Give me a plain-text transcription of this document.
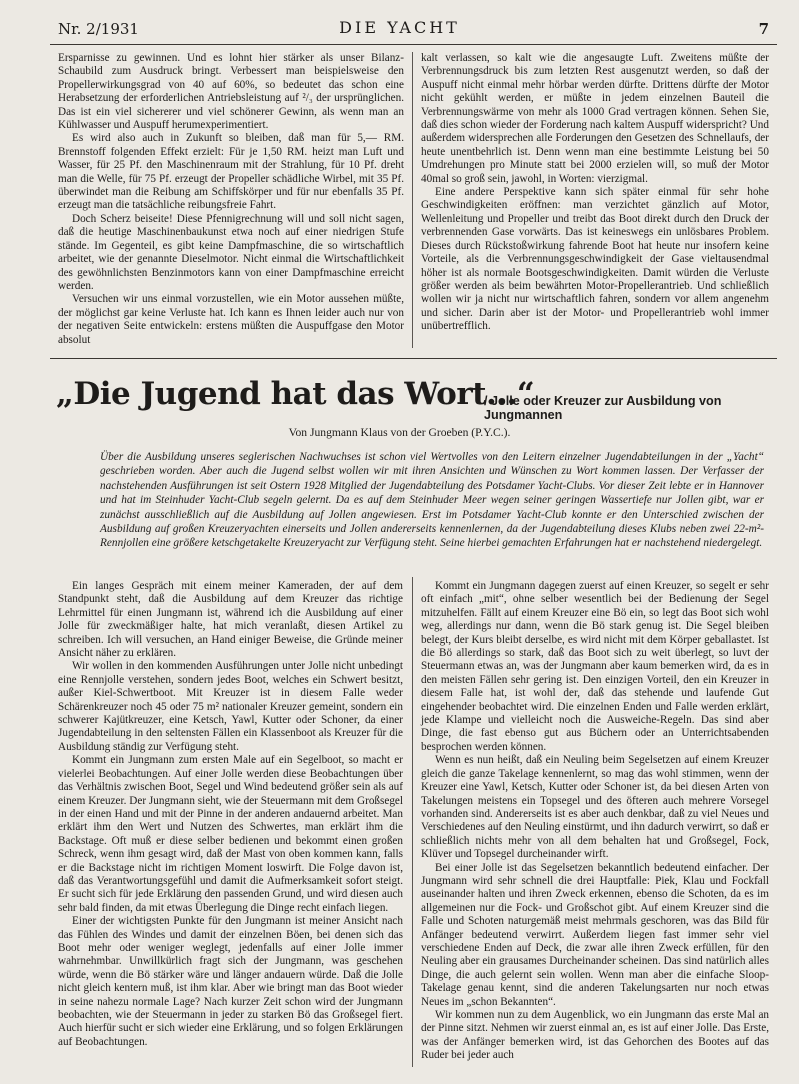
Nr. 2/1931	DIE YACHT	7

Ersparnisse zu gewinnen. Und es lohnt hier stärker als unser Bilanz-Schaubild zum Ausdruck bringt. Verbessert man beispielsweise den Propellerwirkungsgrad von 40 auf 60%, so bedeutet das schon eine Herabsetzung der erforderlichen Antriebsleistung auf ²/₃ der ursprünglichen. Das ist ein viel sichererer und viel schönerer Gewinn, als wenn man an Kühlwasser und Auspuff herumexperimentiert.

Es wird also auch in Zukunft so bleiben, daß man für 5,— RM. Brennstoff folgenden Effekt erzielt: Für je 1,50 RM. heizt man Luft und Wasser, für 25 Pf. den Maschinenraum mit der Strahlung, für 10 Pf. dreht man die Welle, für 75 Pf. erzeugt der Propeller schädliche Wirbel, mit 35 Pf. überwindet man die Reibung am Schiffskörper und für nur ebenfalls 35 Pf. erzeugt man die tatsächliche reibungsfreie Fahrt.

Doch Scherz beiseite! Diese Pfennigrechnung will und soll nicht sagen, daß die heutige Maschinenbaukunst etwa noch auf einer niedrigen Stufe stände. Im Gegenteil, es gibt keine Dampfmaschine, die so wirtschaftlich arbeitet, wie der genannte Dieselmotor. Nicht einmal die Wirtschaftlichkeit des gewöhnlichsten Benzinmotors kann von einer Dampfmaschine erreicht werden.

Versuchen wir uns einmal vorzustellen, wie ein Motor aussehen müßte, der möglichst gar keine Verluste hat. Ich kann es Ihnen leider auch nur von der negativen Seite entwickeln: erstens müßten die Auspuffgase den Motor absolut

kalt verlassen, so kalt wie die angesaugte Luft. Zweitens müßte der Verbrennungsdruck bis zum letzten Rest ausgenutzt werden, so daß der Auspuff nicht einmal mehr hörbar werden dürfte. Drittens dürfte der Motor nicht gekühlt werden, er müßte in jedem einzelnen Bauteil die Verbrennungswärme von mehr als 1000 Grad vertragen können. Sehen Sie, daß dies schon wieder der Forderung nach kaltem Auspuff widerspricht? Und außerdem widersprechen alle Forderungen den Gesetzen des Schnellaufs, der heute unentbehrlich ist. Denn wenn man eine bestimmte Leistung bei 50 Umdrehungen pro Minute statt bei 2000 erzielen will, so muß der Motor 40mal so groß sein, jawohl, in Worten: vierzigmal.

Eine andere Perspektive kann sich später einmal für sehr hohe Geschwindigkeiten eröffnen: man verzichtet gänzlich auf Motor, Wellenleitung und Propeller und treibt das Boot direkt durch den Druck der verbrennenden Gase vorwärts. Das ist keineswegs ein unlösbares Problem. Dieses durch Rückstoßwirkung fahrende Boot hat heute nur insofern keine Vorteile, als die Verbrennungsgeschwindigkeit der Gase vieltausendmal höher ist als normale Bootsgeschwindigkeiten. Damit würden die Verluste größer werden als beim bewährten Motor-Propellerantrieb. Und schließlich wollen wir ja nicht nur wirtschaftlich fahren, sondern vor allem angenehm und sicher. Darin aber ist der Motor- und Propellerantrieb wohl immer unübertrefflich.

„Die Jugend hat das Wort...“
/ Jolle oder Kreuzer zur Ausbildung von Jungmannen
Von Jungmann Klaus von der Groeben (P.Y.C.).
Über die Ausbildung unseres seglerischen Nachwuchses ist schon viel Wertvolles von den Leitern einzelner Jugendabteilungen in der „Yacht“ geschrieben worden. Aber auch die Jugend selbst wollen wir mit ihren Ansichten und Wünschen zu Wort kommen lassen. Der Verfasser der nachstehenden Ausführungen ist seit Ostern 1928 Mitglied der Jugendabteilung des Potsdamer Yacht-Clubs. Vor dieser Zeit lebte er in Hannover und hat im Steinhuder Yacht-Club segeln gelernt. Da es auf dem Steinhuder Meer wegen seiner geringen Wassertiefe nur Jollen gibt, war er zunächst ausschließlich auf die Ausbildung auf Jollen angewiesen. Erst im Potsdamer Yacht-Club konnte er den Unterschied zwischen der Ausbildung auf großen Kreuzeryachten einerseits und Jollen andererseits kennenlernen, da der Jugendabteilung dieses Klubs neben zwei 22-m²-Rennjollen eine größere ketschgetakelte Kreuzeryacht zur Verfügung steht. Seine hierbei gemachten Erfahrungen hat er nachstehend niedergelegt.

Ein langes Gespräch mit einem meiner Kameraden, der auf dem Standpunkt steht, daß die Ausbildung auf dem Kreuzer das richtige Lehrmittel für einen Jungmann ist, während ich die Ausbildung auf einer Jolle für zweckmäßiger halte, hat mich veranlaßt, diesen Artikel zu schreiben. Ich will versuchen, an Hand einiger Beweise, die Gründe meiner Ansicht näher zu erklären.

Wir wollen in den kommenden Ausführungen unter Jolle nicht unbedingt eine Rennjolle verstehen, sondern jedes Boot, welches ein Schwert besitzt, außer Kiel-Schwertboot. Mit Kreuzer ist in diesem Falle weder Schärenkreuzer noch 45 oder 75 m² nationaler Kreuzer gemeint, sondern ein schwerer Kajütkreuzer, eine Ketsch, Yawl, Kutter oder Schoner, da einer Jugendabteilung in den seltensten Fällen ein Klassenboot als Kreuzer für die Ausbildung ständig zur Verfügung steht.

Kommt ein Jungmann zum ersten Male auf ein Segelboot, so macht er vielerlei Beobachtungen. Auf einer Jolle werden diese Beobachtungen über das Verhältnis zwischen Boot, Segel und Wind bedeutend größer sein als auf einem Kreuzer. Der Jungmann sieht, wie der Steuermann mit dem Großsegel in der einen Hand und mit der Pinne in der anderen andauernd arbeitet. Man erklärt ihm den Wert und Nutzen des Schwertes, man erklärt ihm die Backstage. Oft muß er diese selber bedienen und bekommt einen großen Schreck, wenn ihm gesagt wird, daß der Mast von oben kommen kann, falls er die Backstage nicht im richtigen Moment loswirft. Die Folge davon ist, daß das Verantwortungsgefühl und damit die Aufmerksamkeit sofort steigt. Er sucht sich für jede Erklärung den passenden Grund, und wird diesen auch sehr bald finden, da mit etwas Überlegung die Dinge recht einfach liegen.

Einer der wichtigsten Punkte für den Jungmann ist meiner Ansicht nach das Fühlen des Windes und damit der einzelnen Böen, bei denen sich das Boot mehr oder weniger weglegt, jedenfalls auf einer Jolle immer wahrnehmbar. Unwillkürlich fragt sich der Jungmann, was geschehen würde, wenn die Bö stärker wäre und länger andauern würde. Daß die Jolle nicht gleich kentern muß, ist ihm klar. Aber wie bringt man das Boot wieder in seine nahezu normale Lage? Nach kurzer Zeit schon wird der Jungmann beobachten, wie der Steuermann in jeder zu starken Bö das Großsegel fiert. Auch hierfür sucht er sich wieder eine Erklärung, und so folgen Erklärungen auf Beobachtungen.

Kommt ein Jungmann dagegen zuerst auf einen Kreuzer, so segelt er sehr oft einfach „mit“, ohne selber wesentlich bei der Bedienung der Segel mitzuhelfen. Fällt auf einem Kreuzer eine Bö ein, so legt das Boot sich wohl weg, allerdings nur dann, wenn die Bö stark genug ist. Die Segel bleiben belegt, der Kurs bleibt derselbe, es wird nicht mit dem Körper geballastet. Ist die Bö allerdings so stark, daß das Boot sich zu weit überlegt, so luvt der Steuermann etwas an, was der Jungmann aber kaum bemerken wird, da es in den meisten Fällen sehr gering ist. Den einzigen Vorteil, den ein Kreuzer in diesem Falle hat, ist wohl der, daß das stehende und laufende Gut eingehender beobachtet wird. Die einzelnen Enden und Falle werden erklärt, jede Klampe und vielleicht noch die Ausweiche-Regeln. Das sind aber Dinge, die fast ebenso gut aus Büchern oder an Unterrichtsabenden besprochen werden können.

Wenn es nun heißt, daß ein Neuling beim Segelsetzen auf einem Kreuzer gleich die ganze Takelage kennenlernt, so mag das wohl stimmen, wenn der Kreuzer eine Yawl, Ketsch, Kutter oder Schoner ist, da bei diesen Arten von Takelungen meistens ein Topsegel und des öfteren auch mehrere Vorsegel vorhanden sind. Andererseits ist es aber auch denkbar, daß zu viel Neues und Verschiedenes auf den Neuling einstürmt, und ihn dadurch verwirrt, so daß er schließlich nichts mehr von all dem behalten hat und Großsegel, Fock, Klüver und Topsegel durcheinander wirft.

Bei einer Jolle ist das Segelsetzen bekanntlich bedeutend einfacher. Der Jungmann wird sehr schnell die drei Hauptfalle: Piek, Klau und Fockfall auseinander halten und ihren Zweck erkennen, ebenso die Schoten, da es im allgemeinen nur die Fock- und Großschot gibt. Auf einem Kreuzer sind die Falle und Schoten naturgemäß meist mehrmals geschoren, was das Bild für Anfänger bedeutend verwirrt. Außerdem liegen fast immer sehr viel verschiedene Enden auf Deck, die zwar alle ihren Zweck erfüllen, für den Neuling aber ein grausames Durcheinander scheinen. Das sind natürlich alles Dinge, die auch gelernt sein wollen. Wenn man aber die einfache Sloop-Takelage genau kennt, sind die anderen Takelungsarten nur noch etwas Neues im „schon Bekannten“.

Wir kommen nun zu dem Augenblick, wo ein Jungmann das erste Mal an der Pinne sitzt. Nehmen wir zuerst einmal an, es ist auf einer Jolle. Das Erste, was der Anfänger bemerken wird, ist das Gehorchen des Bootes auf das Ruder bei jeder auch
